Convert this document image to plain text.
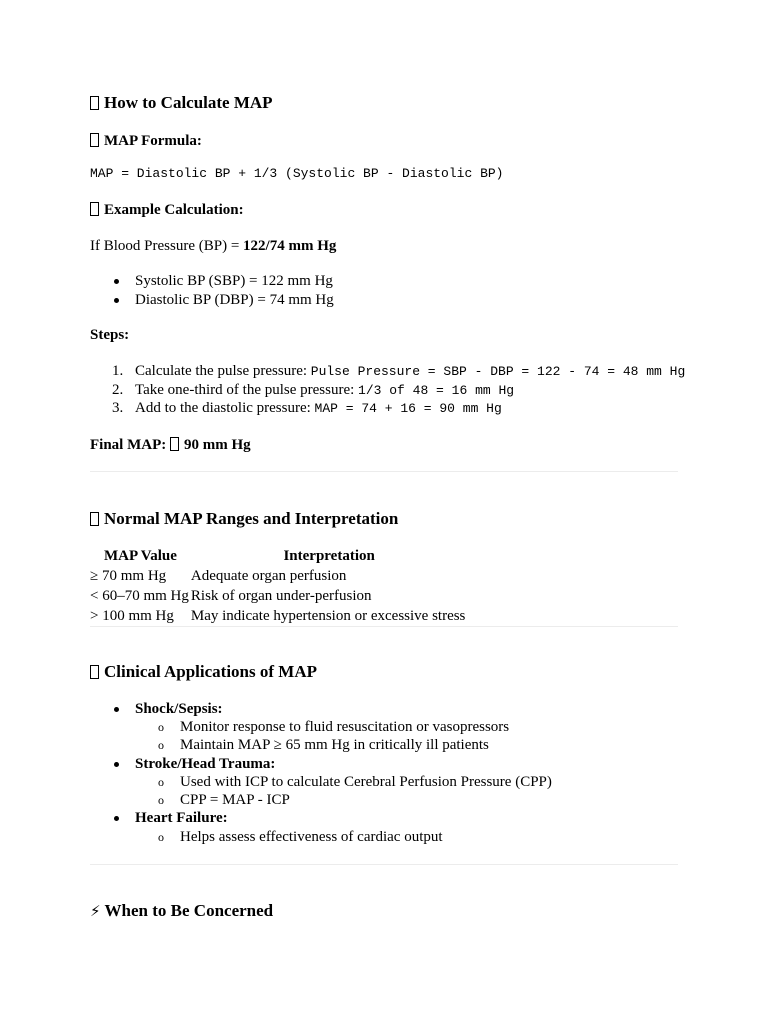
How to Calculate MAP
MAP Formula:
MAP = Diastolic BP + 1/3 (Systolic BP - Diastolic BP)
Example Calculation:
If Blood Pressure (BP) = 122/74 mm Hg
Systolic BP (SBP) = 122 mm Hg
Diastolic BP (DBP) = 74 mm Hg
Steps:
1. Calculate the pulse pressure: Pulse Pressure = SBP - DBP = 122 - 74 = 48 mm Hg
2. Take one-third of the pulse pressure: 1/3 of 48 = 16 mm Hg
3. Add to the diastolic pressure: MAP = 74 + 16 = 90 mm Hg
Final MAP: 90 mm Hg
Normal MAP Ranges and Interpretation
MAP Value	Interpretation
≥ 70 mm Hg	Adequate organ perfusion
< 60–70 mm Hg	Risk of organ under-perfusion
> 100 mm Hg	May indicate hypertension or excessive stress
Clinical Applications of MAP
Shock/Sepsis:
o Monitor response to fluid resuscitation or vasopressors
o Maintain MAP ≥ 65 mm Hg in critically ill patients
Stroke/Head Trauma:
o Used with ICP to calculate Cerebral Perfusion Pressure (CPP)
o CPP = MAP - ICP
Heart Failure:
o Helps assess effectiveness of cardiac output
⚡ When to Be Concerned
